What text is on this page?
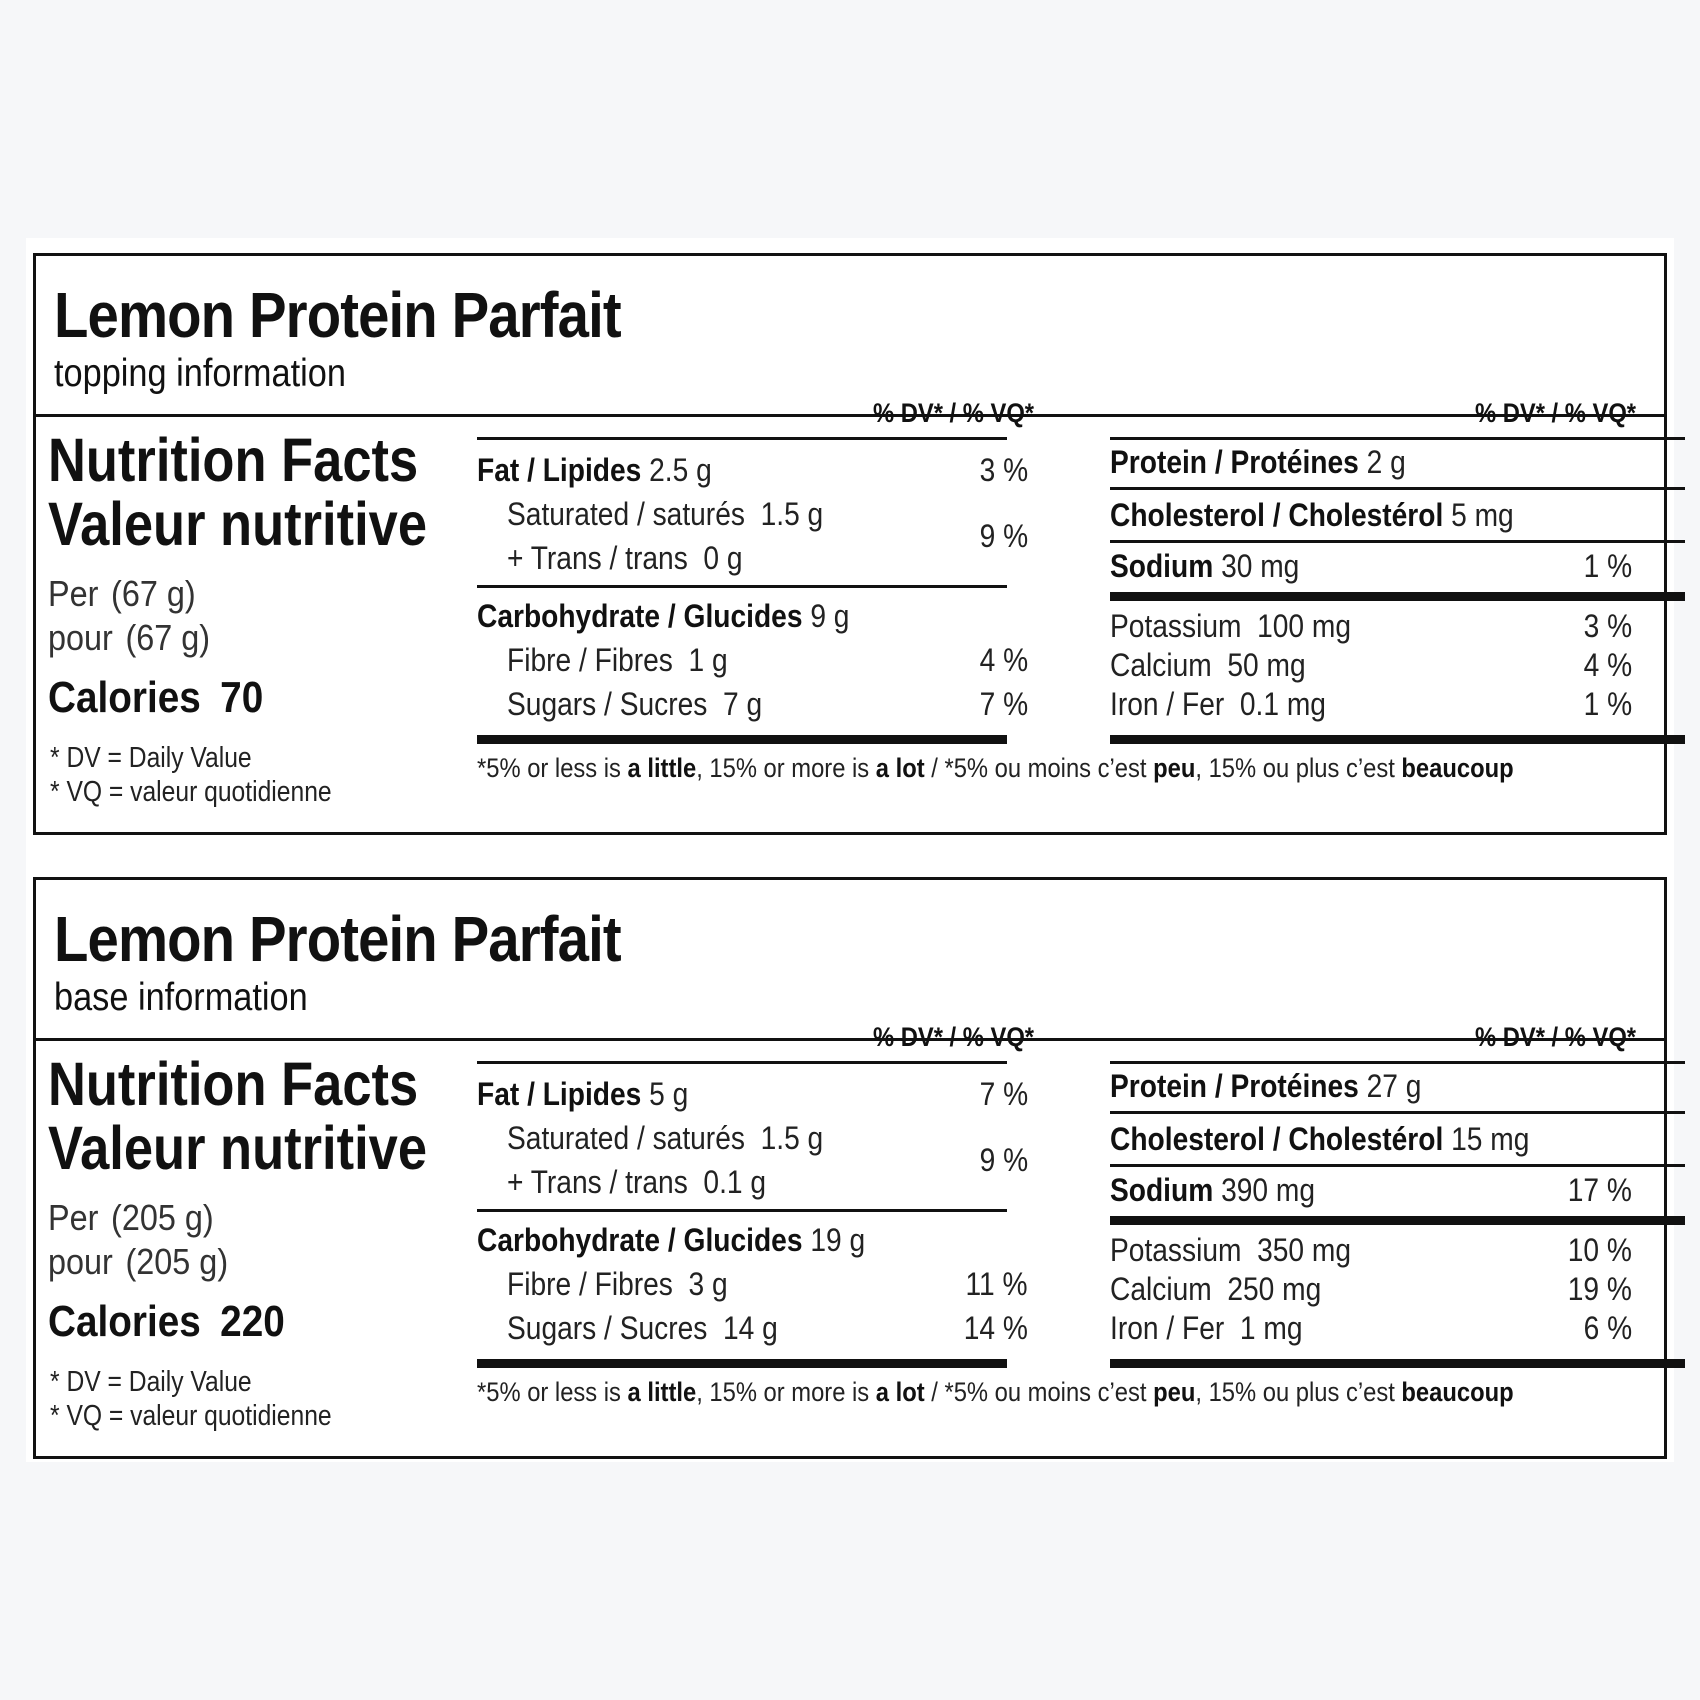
Lemon Protein Parfait
topping information
Nutrition Facts
Valeur nutritive
Per (67 g)
pour (67 g)
Calories 70
* DV = Daily Value
* VQ = valeur quotidienne
% DV* / % VQ*
Fat / Lipides 2.5 g	3 %
Saturated / saturés 1.5 g
+ Trans / trans 0 g
9 %
Carbohydrate / Glucides 9 g
Fibre / Fibres 1 g	4 %
Sugars / Sucres 7 g	7 %
% DV* / % VQ*
Protein / Protéines 2 g
Cholesterol / Cholestérol 5 mg
Sodium 30 mg	1 %
Potassium 100 mg	3 %
Calcium 50 mg	4 %
Iron / Fer 0.1 mg	1 %
*5% or less is a little, 15% or more is a lot / *5% ou moins c’est peu, 15% ou plus c’est beaucoup
Lemon Protein Parfait
base information
Nutrition Facts
Valeur nutritive
Per (205 g)
pour (205 g)
Calories 220
* DV = Daily Value
* VQ = valeur quotidienne
% DV* / % VQ*
Fat / Lipides 5 g	7 %
Saturated / saturés 1.5 g
+ Trans / trans 0.1 g
9 %
Carbohydrate / Glucides 19 g
Fibre / Fibres 3 g	11 %
Sugars / Sucres 14 g	14 %
% DV* / % VQ*
Protein / Protéines 27 g
Cholesterol / Cholestérol 15 mg
Sodium 390 mg	17 %
Potassium 350 mg	10 %
Calcium 250 mg	19 %
Iron / Fer 1 mg	6 %
*5% or less is a little, 15% or more is a lot / *5% ou moins c’est peu, 15% ou plus c’est beaucoup
